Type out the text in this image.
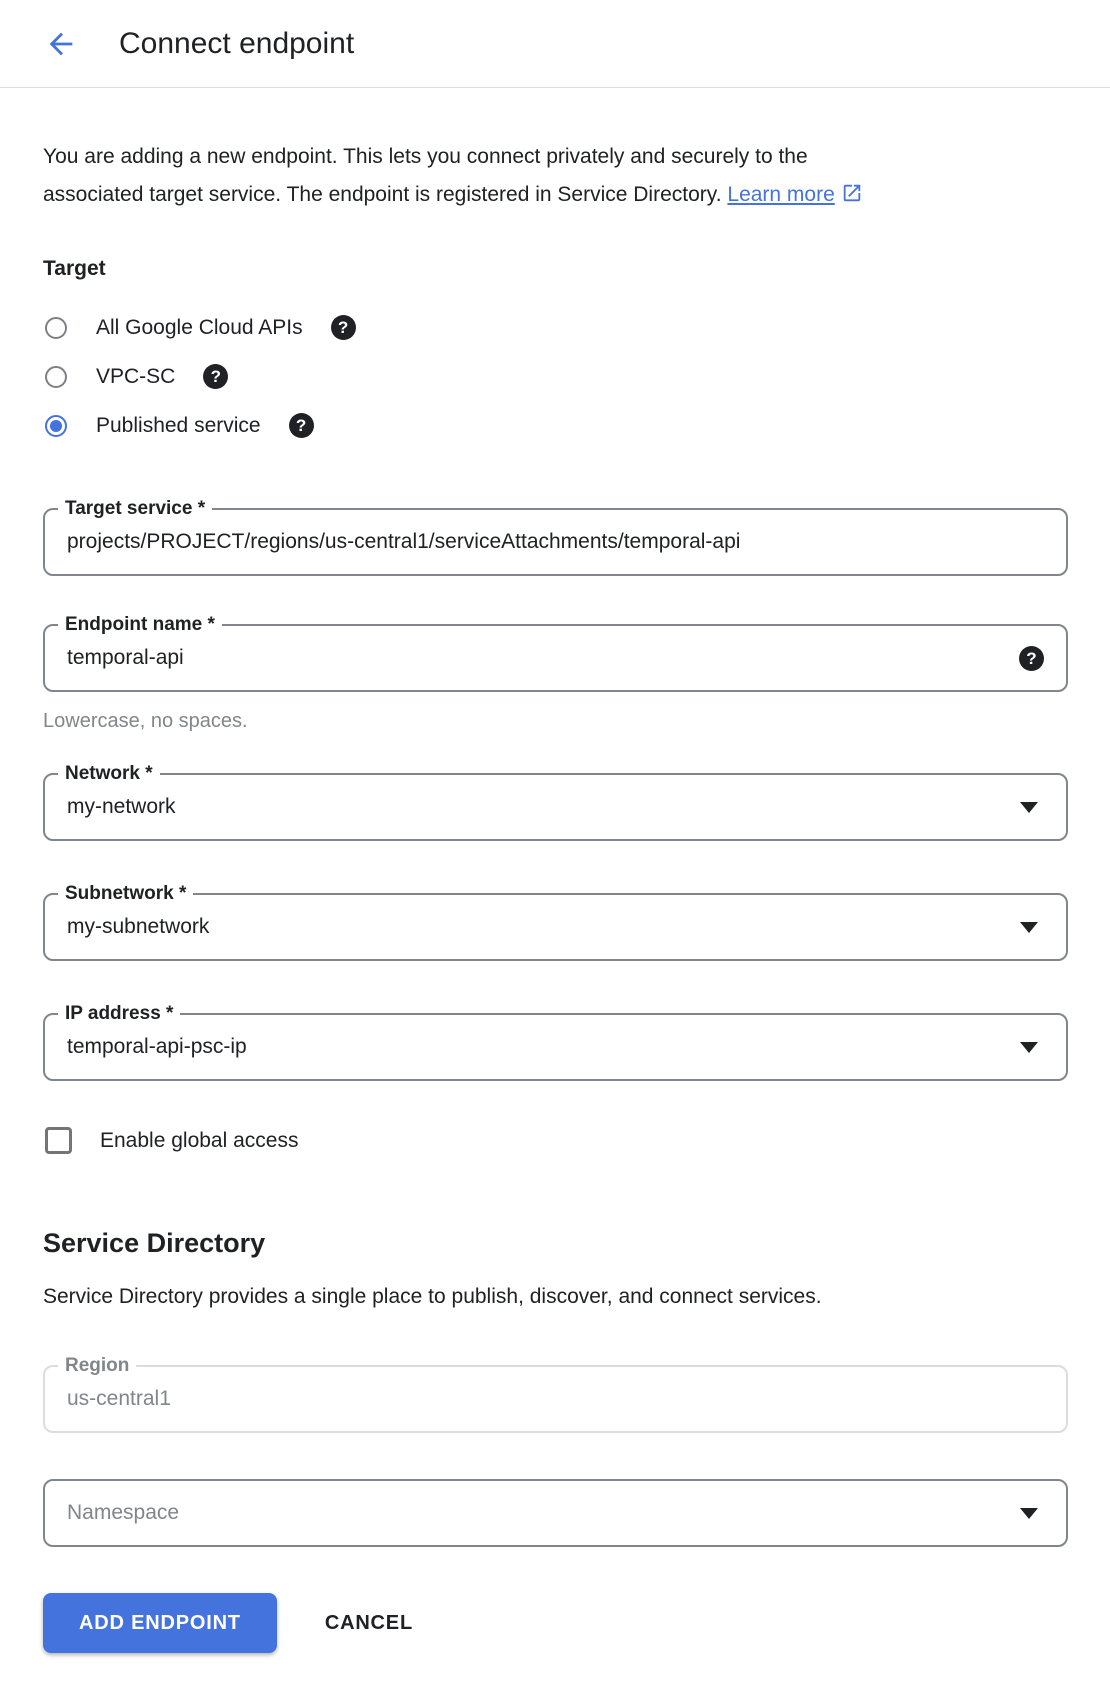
Connect endpoint

You are adding a new endpoint. This lets you connect privately and securely to the
associated target service. The endpoint is registered in Service Directory. Learn more

Target
All Google Cloud APIs	?
VPC-SC	?
Published service	?
Target service *
projects/PROJECT/regions/us-central1/serviceAttachments/temporal-api
Endpoint name *
temporal-api
?
Lowercase, no spaces.
Network *
my-network
Subnetwork *
my-subnetwork
IP address *
temporal-api-psc-ip
Enable global access
Service Directory

Service Directory provides a single place to publish, discover, and connect services.

Region
us-central1
Namespace
ADD ENDPOINT	CANCEL
